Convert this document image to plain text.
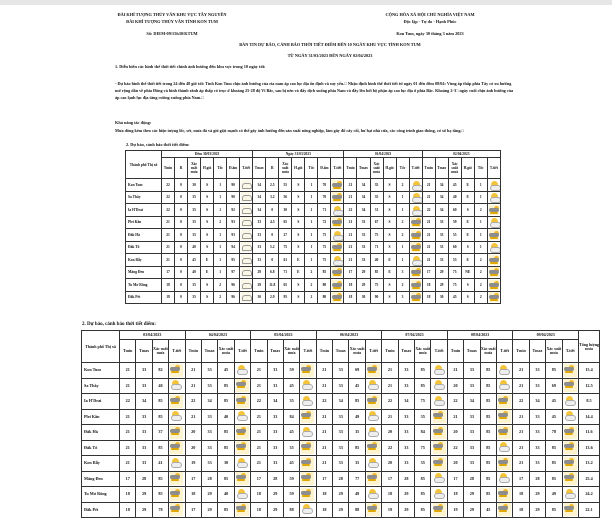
ĐÀI KHÍ TƯỢNG THỦY VĂN KHU VỰC TÂY NGUYÊN
ĐÀI KHÍ TƯỢNG THỦY VĂN TỈNH KON TUM
Số: DIEM-09/15h30/KTUM
CỘNG HÒA XÃ HỘI CHỦ NGHĨA VIỆT NAM
Độc lập - Tự do - Hạnh Phúc
Kon Tum, ngày 30 tháng 3 năm 2023
BẢN TIN DỰ BÁO, CẢNH BÁO THỜI TIẾT ĐIỂM ĐẾN 10 NGÀY KHU VỰC TỈNH KON TUM
TỪ NGÀY 31/03/2023 ĐẾN NGÀY 02/04/2023
1. Diễn biến các hình thế thời tiết chính ảnh hưởng đến khu vực trong 10 ngày tới:
- Dự báo hình thế thời tiết trong 24 đến 48 giờ tới: Tỉnh Kon Tum chịu ảnh hưởng của rìa nam áp cao lục địa ổn định và suy yếu.□ Nhận định hình thế thời tiết từ ngày 01 đến đêm 08/04: Vùng áp thấp phía Tây có xu hướng mở rộng dần về phía Đông và hình thành rãnh áp thấp có trục ở khoảng 25-28 độ Vĩ Bắc, sau bị nén và đẩy dịch xuống phía Nam và đầy lên bởi bộ phận áp cao lục địa ở phía Bắc. Khoảng 2-3□ ngày cuối chịu ảnh hưởng của áp cao lạnh lục địa tăng cường xuống phía Nam.□
Khả năng tác động:
Mưa dông kèm theo các hiện tượng lốc, sét, mưa đá và gió giật mạnh có thể gây ảnh hưởng đến sản xuất nông nghiệp, làm gãy đổ cây cối, hư hại nhà cửa, các công trình giao thông, cơ sở hạ tầng.□
2. Dự báo, cảnh báo thời tiết điểm:
Thành phố Thị xã	Đêm 30/03/2023							Ngày 31/03/2023							01/04/2023						02/04/2023					
	Tmin	R	Xác suất mưa	H.gió	Tốc	Đ.ẩm	T.tiết	Tmax	R	Xác suất mưa	H.gió	Tốc	Đ.ẩm	T.tiết	Tmin	Tmax	Xác suất mưa	H.gió	Tốc	T.tiết	Tmin	Tmax	Xác suất mưa	H.gió	Tốc	T.tiết
Kon Tum	22	0	30	S	1	90		34	2.5	55	S	1	70		21	34	35	S	2		21	34	45	E	1	
Sa Thầy	22	0	35	S	1	90		34	3.2	56	S	1	70		21	34	35	S	1		21	34	40	E	1	
Ia H'Drai	22	0	35	S	1	92		34	0	30	S	1	71		22	34	31	S	1		22	34	60	S	2	
Plei Kần	21	0	35	S	2	93		33	4.5	65	S	1	72		21	33	67	S	2		21	33	59	E	1	
Đăk Hà	21	0	35	S	1	93		33	0	27	S	1	75		21	33	75	S	2		21	33	55	E	1	
Đăk Tô	21	0	40	S	1	94		33	5.2	75	S	1	75		21	33	71	S	1		21	33	60	S	1	
Kon Rẫy	21	0	45	E	1	95		33	0	61	E	1	75		21	33	40	E	1		21	33	53	E	2	
Măng Đen	17	0	40	E	1	97		29	6.8	71	E	2	85		17	29	85	E	3		17	29	75	NE	2	
Tu Mơ Rông	18	0	35	S	2	96		29	11.8	65	S	2	80		18	29	75	S	2		18	29	75	S	2	
Đắk Pét	18	0	35	S	2	96		30	2.9	95	S	2	80		18	30	90	S	3		18	30	45	S	2	
2. Dự báo, cảnh báo thời tiết điểm:
Thành phố Thị xã	03/04/2023				04/04/2023				05/04/2023				06/04/2023				07/04/2023				08/04/2023				09/04/2023				Tổng lượng mưa
	Tmin	Tmax	Xác suất mưa	T.tiết	Tmin	Tmax	Xác suất mưa	T.tiết	Tmin	Tmax	Xác suất mưa	T.tiết	Tmin	Tmax	Xác suất mưa	T.tiết	Tmin	Tmax	Xác suất mưa	T.tiết	Tmin	Tmax	Xác suất mưa	T.tiết	Tmin	Tmax	Xác suất mưa	T.tiết	
Kon Tum	21	33	82		21	33	45		21	33	59		21	33	69		21	33	85		21	33	85		21	33	85		15.4
Sa Thầy	21	33	40		21	33	85		21	33	45		21	33	45		21	33	85		20	33	85		21	33	69		12.5
Ia H'Drai	22	34	85		22	34	85		22	34	35		22	34	85		22	34	75		22	34	85		22	34	45		8.5
Plei Kần	21	33	85		21	33	40		21	33	84		21	33	49		21	33	35		21	33	85		21	33	45		14.4
Đăk Hà	21	33	37		20	33	85		21	33	45		21	33	35		20	33	84		20	33	85		21	33	78		11.6
Đăk Tô	21	33	85		20	33	85		21	33	35		21	33	85		22	33	75		22	33	85		21	33	85		13.6
Kon Rẫy	21	33	41		19	33	30		21	33	45		21	33	35		20	33	35		20	33	85		21	33	85		13.2
Măng Đen	17	28	85		17	28	85		17	28	59		17	28	77		17	28	85		17	28	85		17	28	85		25.4
Tu Mơ Rông	18	29	85		18	29	40		18	29	59		18	29	49		18	29	85		18	29	85		18	29	49		24.2
Đắk Pét	18	29	78		17	29	85		18	29	88		18	29	88		19	29	85		19	29	45		18	29	85		22.1
